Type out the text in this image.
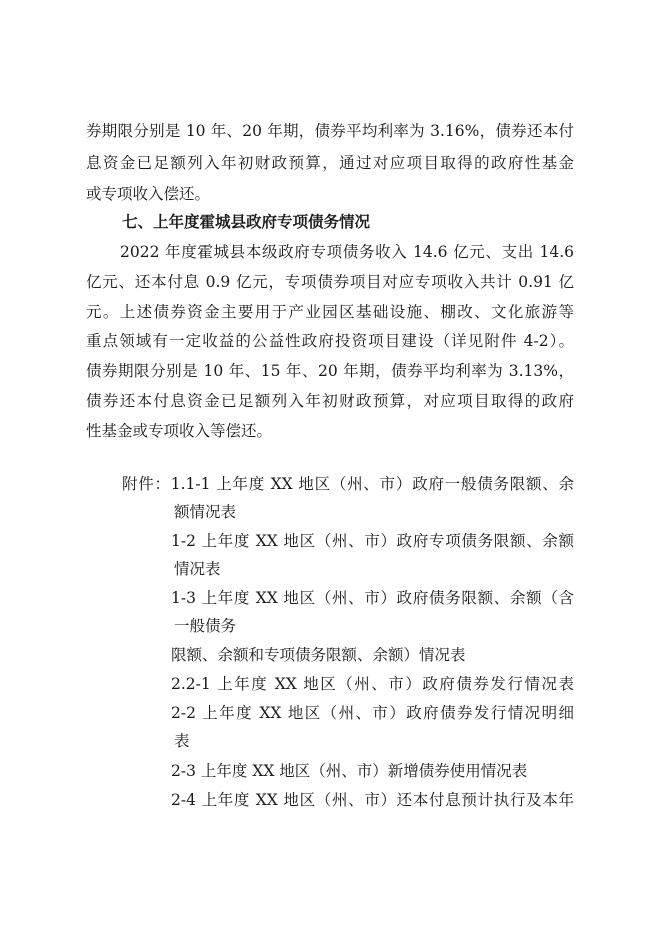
券期限分别是 10 年、20 年期，债券平均利率为 3.16%，债券还本付
息资金已足额列入年初财政预算，通过对应项目取得的政府性基金
或专项收入偿还。
七、上年度霍城县政府专项债务情况
2022 年度霍城县本级政府专项债务收入 14.6 亿元、支出 14.6
亿元、还本付息 0.9 亿元，专项债券项目对应专项收入共计 0.91 亿
元。上述债券资金主要用于产业园区基础设施、棚改、文化旅游等
重点领域有一定收益的公益性政府投资项目建设（详见附件 4-2）。
债券期限分别是 10 年、15 年、20 年期，债券平均利率为 3.13%，
债券还本付息资金已足额列入年初财政预算，对应项目取得的政府
性基金或专项收入等偿还。
附件：1.1-1 上年度 XX 地区（州、市）政府一般债务限额、余
额情况表
1-2 上年度 XX 地区（州、市）政府专项债务限额、余额
情况表
1-3 上年度 XX 地区（州、市）政府债务限额、余额（含
一般债务
限额、余额和专项债务限额、余额）情况表
2.2-1 上年度 XX 地区（州、市）政府债券发行情况表
2-2 上年度 XX 地区（州、市）政府债券发行情况明细
表
2-3 上年度 XX 地区（州、市）新增债券使用情况表
2-4 上年度 XX 地区（州、市）还本付息预计执行及本年
